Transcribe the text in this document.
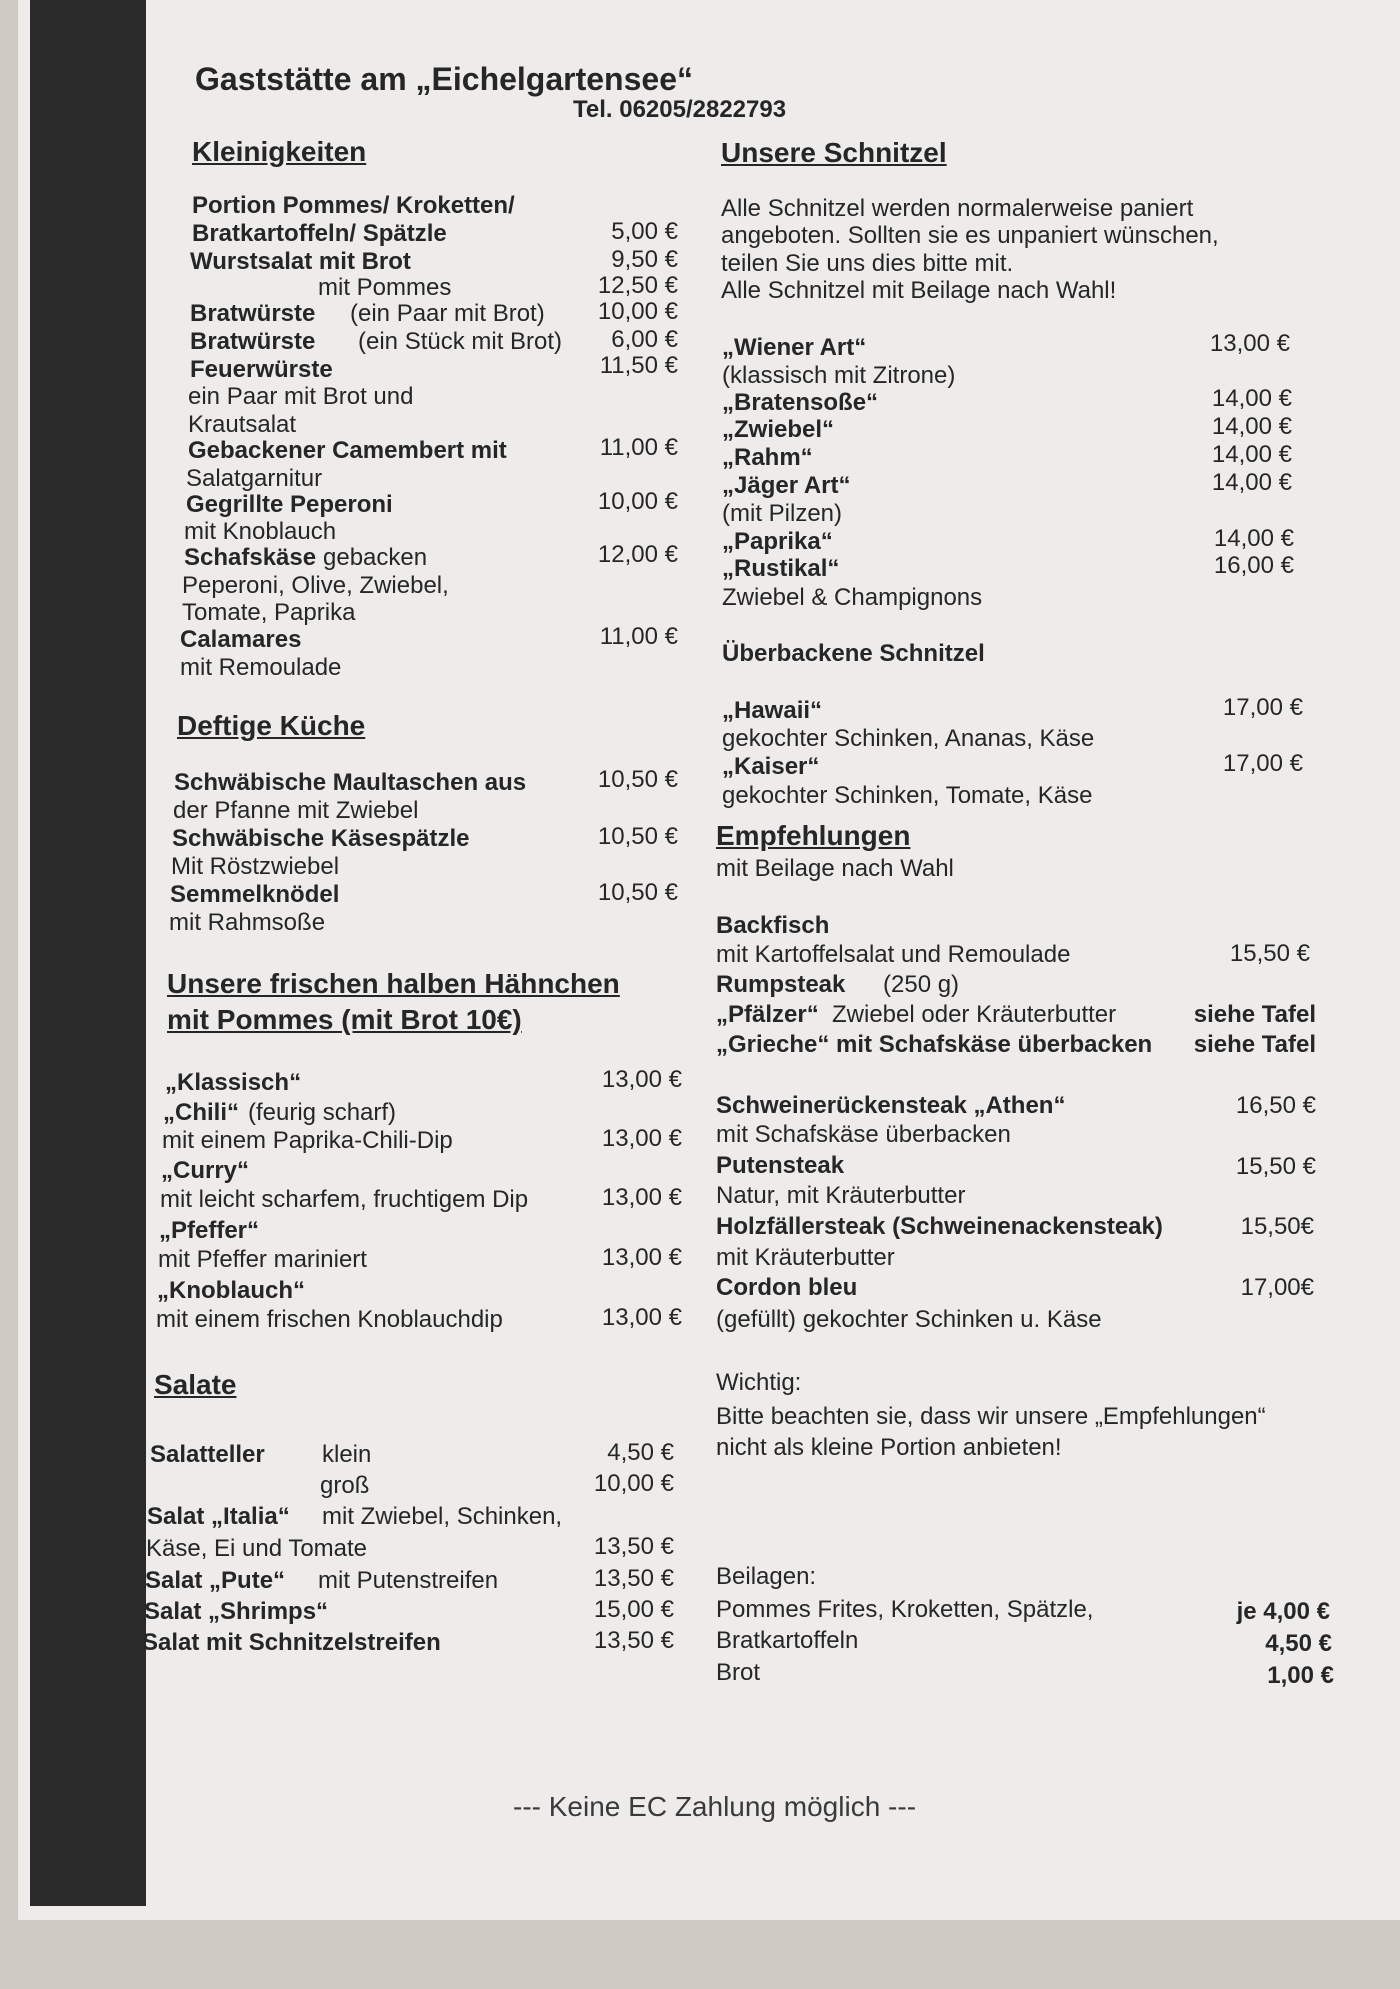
Gaststätte am „Eichelgartensee“
Tel. 06205/2822793
Kleinigkeiten
Portion Pommes/ Kroketten/
Bratkartoffeln/ Spätzle	5,00 €
Wurstsalat mit Brot	9,50 €
mit Pommes	12,50 €
Bratwürste (ein Paar mit Brot) 10,00 €
Bratwürste (ein Stück mit Brot) 6,00 €
Feuerwürste	11,50 €
ein Paar mit Brot und
Krautsalat
Gebackener Camembert mit	11,00 €
Salatgarnitur
Gegrillte Peperoni	10,00 €
mit Knoblauch
Schafskäse gebacken	12,00 €
Peperoni, Olive, Zwiebel,
Tomate, Paprika
Calamares	11,00 €
mit Remoulade
Deftige Küche
Schwäbische Maultaschen aus	10,50 €
der Pfanne mit Zwiebel
Schwäbische Käsespätzle	10,50 €
Mit Röstzwiebel
Semmelknödel	10,50 €
mit Rahmsoße
Unsere frischen halben Hähnchen
mit Pommes (mit Brot 10€)
„Klassisch“	13,00 €
„Chili“ (feurig scharf)
mit einem Paprika-Chili-Dip	13,00 €
„Curry“
mit leicht scharfem, fruchtigem Dip	13,00 €
„Pfeffer“
mit Pfeffer mariniert	13,00 €
„Knoblauch“
mit einem frischen Knoblauchdip	13,00 €
Salate
Salatteller klein	4,50 €
groß	10,00 €
Salat „Italia“ mit Zwiebel, Schinken,
Käse, Ei und Tomate	13,50 €
Salat „Pute“ mit Putenstreifen	13,50 €
Salat „Shrimps“	15,00 €
Salat mit Schnitzelstreifen	13,50 €
Unsere Schnitzel
Alle Schnitzel werden normalerweise paniert
angeboten. Sollten sie es unpaniert wünschen,
teilen Sie uns dies bitte mit.
Alle Schnitzel mit Beilage nach Wahl!
„Wiener Art“	13,00 €
(klassisch mit Zitrone)
„Bratensoße“	14,00 €
„Zwiebel“	14,00 €
„Rahm“	14,00 €
„Jäger Art“	14,00 €
(mit Pilzen)
„Paprika“	14,00 €
„Rustikal“	16,00 €
Zwiebel & Champignons
Überbackene Schnitzel
„Hawaii“	17,00 €
gekochter Schinken, Ananas, Käse
„Kaiser“	17,00 €
gekochter Schinken, Tomate, Käse
Empfehlungen
mit Beilage nach Wahl
Backfisch
mit Kartoffelsalat und Remoulade	15,50 €
Rumpsteak (250 g)
„Pfälzer“ Zwiebel oder Kräuterbutter	siehe Tafel
„Grieche“ mit Schafskäse überbacken siehe Tafel
Schweinerückensteak „Athen“	16,50 €
mit Schafskäse überbacken
Putensteak	15,50 €
Natur, mit Kräuterbutter
Holzfällersteak (Schweinenackensteak)	15,50€
mit Kräuterbutter
Cordon bleu	17,00€
(gefüllt) gekochter Schinken u. Käse
Wichtig:
Bitte beachten sie, dass wir unsere „Empfehlungen“
nicht als kleine Portion anbieten!
Beilagen:
Pommes Frites, Kroketten, Spätzle,	je 4,00 €
Bratkartoffeln	4,50 €
Brot	1,00 €
--- Keine EC Zahlung möglich ---
